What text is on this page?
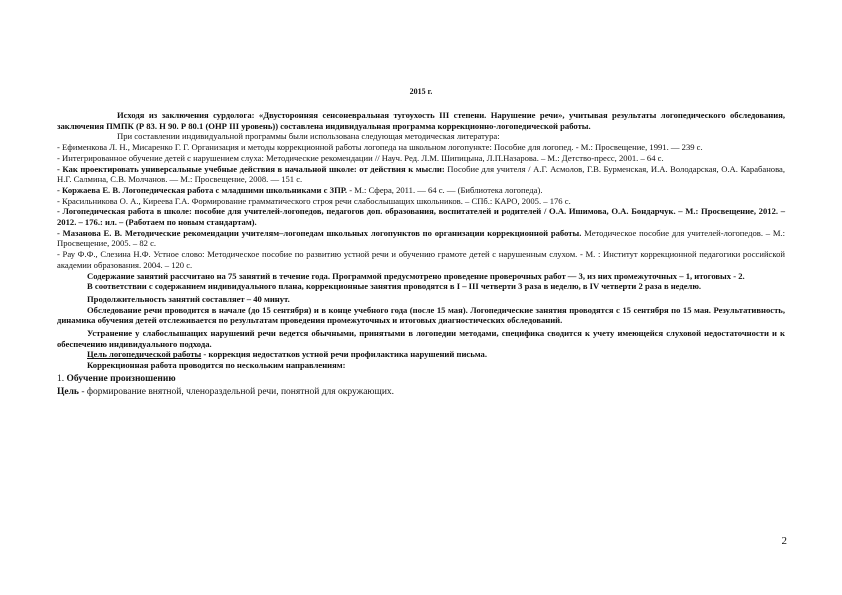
2015 г.

Исходя из заключения сурдолога: «Двусторонняя сенсоневральная тугоухость III степени. Нарушение речи», учитывая результаты логопедического обследования, заключения ПМПК (Р 83. Н 90. Р 80.1 (ОНР III уровень)) составлена индивидуальная программа коррекционно-логопедической работы.

При составлении индивидуальной программы были использована следующая методическая литература:

- Ефименкова Л. Н., Мисаренко Г. Г. Организация и методы коррекционной работы логопеда на школьном логопункте: Пособие для логопед. ‑ М.: Просвещение, 1991. — 239 с.

- Интегрированное обучение детей с нарушением слуха: Методические рекомендации // Науч. Ред. Л.М. Шипицына, Л.П.Назарова. – М.: Детство-пресс, 2001. – 64 с.

- Как проектировать универсальные учебные действия в начальной школе: от действия к мысли: Пособие для учителя / А.Г. Асмолов, Г.В. Бурменская, И.А. Володарская, О.А. Карабанова, Н.Г. Салмина, С.В. Молчанов. — М.: Просвещение, 2008. — 151 с.

- Коржаева Е. В. Логопедическая работа с младшими школьниками с ЗПР. - М.: Сфера, 2011. — 64 с. — (Библиотека логопеда).

- Красильникова О. А., Киреева Г.А. Формирование грамматического строя речи слабослышащих школьников. – СПб.: КАРО, 2005. – 176 с.

- Логопедическая работа в школе: пособие для учителей-логопедов, педагогов доп. образования, воспитателей и родителей / О.А. Ишимова, О.А. Бондарчук. – М.: Просвещение, 2012. – 2012. – 176.: ил. – (Работаем по новым стандартам).

- Мазанова Е. В. Методические рекомендации учителям–логопедам школьных логопунктов по организации коррекционной работы. Методическое пособие для учителей-логопедов. – М.: Просвещение, 2005. – 82 с.

- Рау Ф.Ф., Слезина Н.Ф. Устное слово: Методическое пособие по развитию устной речи и обучению грамоте детей с нарушенным слухом. - М. : Институт коррекционной педагогики российской академии образования. 2004. – 120 с.

Содержание занятий рассчитано на 75 занятий в течение года. Программой предусмотрено проведение проверочных работ — 3, из них промежуточных – 1, итоговых - 2.

В соответствии с содержанием индивидуального плана, коррекционные занятия проводятся в I – III четверти 3 раза в неделю, в IV четверти 2 раза в неделю.

Продолжительность занятий составляет – 40 минут.

Обследование речи проводится в начале (до 15 сентября) и в конце учебного года (после 15 мая). Логопедические занятия проводятся с 15 сентября по 15 мая. Результативность, динамика обучения детей отслеживается по результатам проведения промежуточных и итоговых диагностических обследований.

Устранение у слабослышащих нарушений речи ведется обычными, принятыми в логопедии методами, специфика сводится к учету имеющейся слуховой недостаточности и к обеспечению индивидуального подхода.

Цель логопедической работы - коррекция недостатков устной речи профилактика нарушений письма.

Коррекционная работа проводится по нескольким направлениям:

1. Обучение произношению

Цель - формирование внятной, членораздельной речи, понятной для окружающих.

2
